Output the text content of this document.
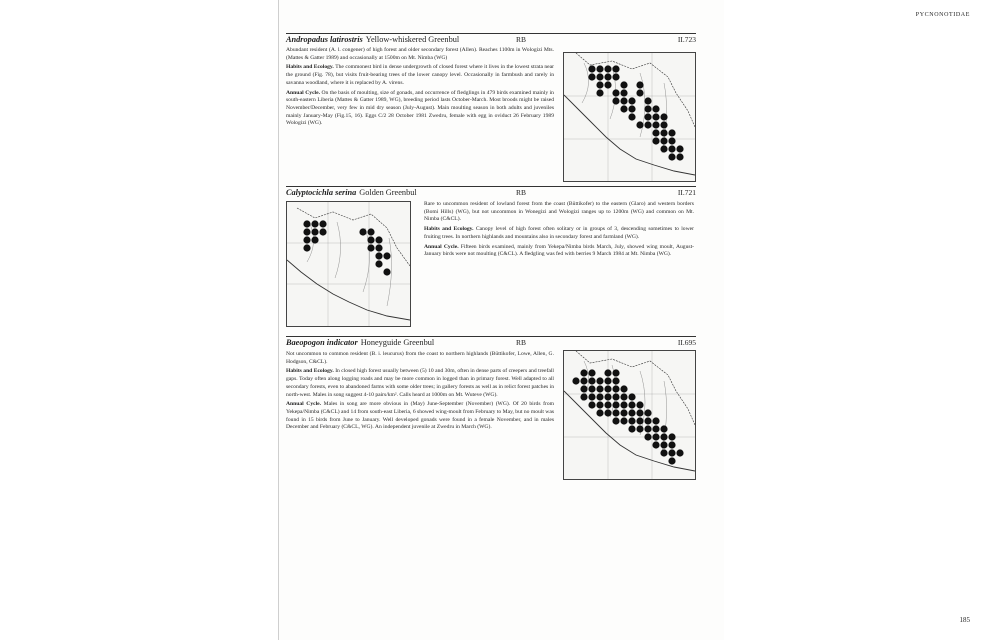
PYCNONOTIDAE
Andropadus latirostris Yellow-whiskered Greenbul	RB	II.723

Abundant resident (A. l. congener) of high forest and older secondary forest (Allen). Reaches 1100m in Wologizi Mts. (Mattes & Gatter 1989) and occasionally at 1500m on Mt. Nimba (WG)

Habits and Ecology. The commonest bird in dense undergrowth of closed forest where it lives in the lowest strata near the ground (Fig. 78), but visits fruit-bearing trees of the lower canopy level. Occasionally in farmbush and rarely in savanna woodland, where it is replaced by A. virens.

Annual Cycle. On the basis of moulting, size of gonads, and occurrence of fledglings in 479 birds examined mainly in south-eastern Liberia (Mattes & Gatter 1989, WG), breeding period lasts October-March. Most broods might be raised November/December, very few in mid dry season (July-August). Main moulting season in both adults and juveniles mainly January-May (Fig.15, 16). Eggs C/2 28 October 1981 Zwedru, female with egg in oviduct 26 February 1989 Wologizi (WG).

Calyptocichla serina Golden Greenbul	RB	II.721

Rare to uncommon resident of lowland forest from the coast (Büttikofer) to the eastern (Glaro) and western borders (Bomi Hills) (WG), but not uncommon in Wonegizi and Wologizi ranges up to 1200m (WG) and common on Mt. Nimba (C&CL).

Habits and Ecology. Canopy level of high forest often solitary or in groups of 3, descending sometimes to lower fruiting trees. In northern highlands and mountains also in secondary forest and farmland (WG).

Annual Cycle. Fifteen birds examined, mainly from Yekepa/Nimba birds March, July, showed wing moult, August-January birds were not moulting (C&CL). A fledgling was fed with berries 9 March 1984 at Mt. Nimba (WG).

Baeopogon indicator Honeyguide Greenbul	RB	II.695

Not uncommon to common resident (B. i. leucurus) from the coast to northern highlands (Büttikofer, Lowe, Allen, G. Hodgson, C&CL).

Habits and Ecology. In closed high forest usually between (5) 10 and 30m, often in dense parts of creepers and treefall gaps. Today often along logging roads and may be more common in logged than in primary forest. Well adapted to all secondary forests, even to abandoned farms with some older trees; in gallery forests as well as in relict forest patches in north-west. Males in song suggest 4-10 pairs/km². Calls heard at 1000m on Mt. Wuteve (WG).

Annual Cycle. Males in song are more obvious in (May) June-September (November) (WG). Of 20 birds from Yekepa/Nimba (C&CL) and 14 from south-east Liberia, 6 showed wing-moult from February to May, but no moult was found in 15 birds from June to January. Well developed gonads were found in a female November, and in males December and February (C&CL, WG). An independent juvenile at Zwedru in March (WG).

185
